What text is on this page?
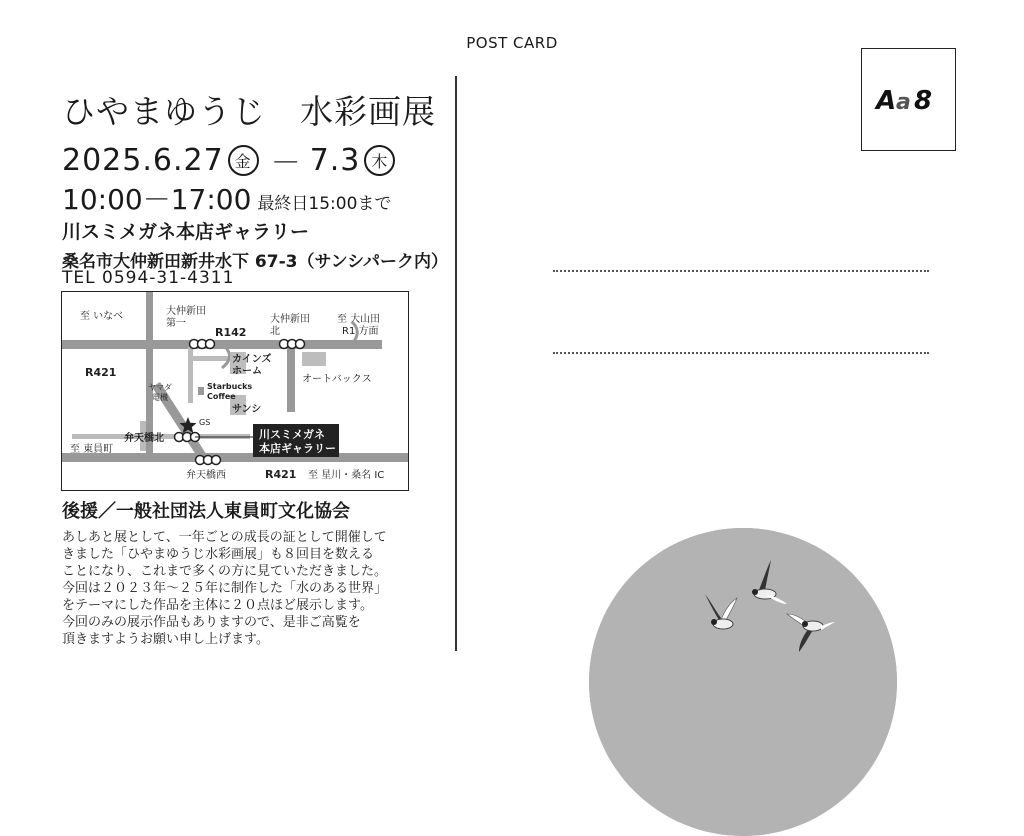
POST CARD
ひやまゆうじ　水彩画展
2025.6.27 金 － 7.3 木
10:00－17:00 最終日15:00まで
川スミメガネ本店ギャラリー
桑名市大仲新田新井水下 67-3（サンシパーク内）
TEL 0594-31-4311
至 いなべ	大仲新田
第一
R142
大仲新田
北
至 大山田
R1 方面
カインズ
ホーム
オートバックス
R421
ヤマダ
電機
Starbucks
Coffee
サンシ
GS
弁天橋北	川スミメガネ
本店ギャラリー
至 東員町
弁天橋西	R421 至 星川・桑名 IC
後援／一般社団法人東員町文化協会
あしあと展として、一年ごとの成長の証として開催して
きました「ひやまゆうじ水彩画展」も８回目を数える
ことになり、これまで多くの方に見ていただきました。
今回は２０２３年～２５年に制作した「水のある世界」
をテーマにした作品を主体に２０点ほど展示します。
今回のみの展示作品もありますので、是非ご高覧を
頂きますようお願い申し上げます。
A a 8
